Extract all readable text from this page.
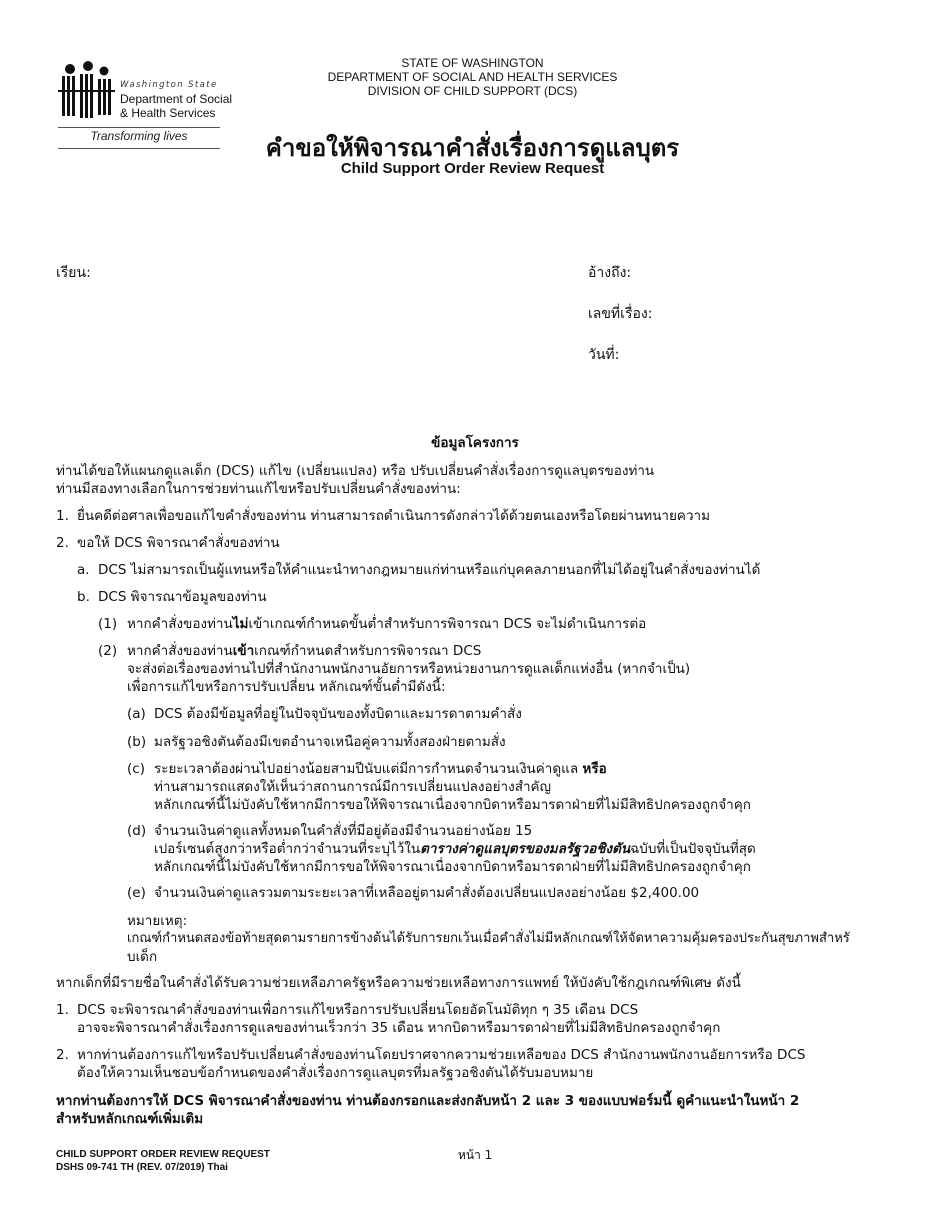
Washington State
Department of Social
& Health Services
Transforming lives
STATE OF WASHINGTON
DEPARTMENT OF SOCIAL AND HEALTH SERVICES
DIVISION OF CHILD SUPPORT (DCS)
คำขอให้พิจารณาคำสั่งเรื่องการดูแลบุตร
Child Support Order Review Request
เรียน:	อ้างถึง:
เลขที่เรื่อง:
วันที่:
ข้อมูลโครงการ
ท่านได้ขอให้แผนกดูแลเด็ก (DCS) แก้ไข (เปลี่ยนแปลง) หรือ ปรับเปลี่ยนคำสั่งเรื่องการดูแลบุตรของท่าน
ท่านมีสองทางเลือกในการช่วยท่านแก้ไขหรือปรับเปลี่ยนคำสั่งของท่าน:
1. ยื่นคดีต่อศาลเพื่อขอแก้ไขคำสั่งของท่าน ท่านสามารถดำเนินการดังกล่าวได้ด้วยตนเองหรือโดยผ่านทนายความ
2. ขอให้ DCS พิจารณาคำสั่งของท่าน
a. DCS ไม่สามารถเป็นผู้แทนหรือให้คำแนะนำทางกฎหมายแก่ท่านหรือแก่บุคคลภายนอกที่ไม่ได้อยู่ในคำสั่งของท่านได้
b. DCS พิจารณาข้อมูลของท่าน
(1) หากคำสั่งของท่านไม่เข้าเกณฑ์กำหนดขั้นต่ำสำหรับการพิจารณา DCS จะไม่ดำเนินการต่อ
(2) หากคำสั่งของท่านเข้าเกณฑ์กำหนดสำหรับการพิจารณา DCS
จะส่งต่อเรื่องของท่านไปที่สำนักงานพนักงานอัยการหรือหน่วยงานการดูแลเด็กแห่งอื่น (หากจำเป็น)
เพื่อการแก้ไขหรือการปรับเปลี่ยน หลักเณฑ์ขั้นต่ำมีดังนี้:
(a) DCS ต้องมีข้อมูลที่อยู่ในปัจจุบันของทั้งบิดาและมารดาตามคำสั่ง
(b) มลรัฐวอชิงตันต้องมีเขตอำนาจเหนือคู่ความทั้งสองฝ่ายตามสั่ง
(c) ระยะเวลาต้องผ่านไปอย่างน้อยสามปีนับแต่มีการกำหนดจำนวนเงินค่าดูแล หรือ
ท่านสามารถแสดงให้เห็นว่าสถานการณ์มีการเปลี่ยนแปลงอย่างสำคัญ
หลักเกณฑ์นี้ไม่บังคับใช้หากมีการขอให้พิจารณาเนื่องจากบิดาหรือมารดาฝ่ายที่ไม่มีสิทธิปกครองถูกจำคุก
(d) จำนวนเงินค่าดูแลทั้งหมดในคำสั่งที่มีอยู่ต้องมีจำนวนอย่างน้อย 15
เปอร์เซนต์สูงกว่าหรือต่ำกว่าจำนวนที่ระบุไว้ในตารางค่าดูแลบุตรของมลรัฐวอชิงตันฉบับที่เป็นปัจจุบันที่สุด
หลักเกณฑ์นี้ไม่บังคับใช้หากมีการขอให้พิจารณาเนื่องจากบิดาหรือมารดาฝ่ายที่ไม่มีสิทธิปกครองถูกจำคุก
(e) จำนวนเงินค่าดูแลรวมตามระยะเวลาที่เหลืออยู่ตามคำสั่งต้องเปลี่ยนแปลงอย่างน้อย $2,400.00
หมายเหตุ:
เกณฑ์กำหนดสองข้อท้ายสุดตามรายการข้างต้นได้รับการยกเว้นเมื่อคำสั่งไม่มีหลักเกณฑ์ให้จัดหาความคุ้มครองประกันสุขภาพสำหรั
บเด็ก
หากเด็กที่มีรายชื่อในคำสั่งได้รับความช่วยเหลือภาครัฐหรือความช่วยเหลือทางการแพทย์ ให้บังคับใช้กฎเกณฑ์พิเศษ ดังนี้
1. DCS จะพิจารณาคำสั่งของท่านเพื่อการแก้ไขหรือการปรับเปลี่ยนโดยอัตโนมัติทุก ๆ 35 เดือน DCS
อาจจะพิจารณาคำสั่งเรื่องการดูแลของท่านเร็วกว่า 35 เดือน หากบิดาหรือมารดาฝ่ายที่ไม่มีสิทธิปกครองถูกจำคุก
2. หากท่านต้องการแก้ไขหรือปรับเปลี่ยนคำสั่งของท่านโดยปราศจากความช่วยเหลือของ DCS สำนักงานพนักงานอัยการหรือ DCS
ต้องให้ความเห็นชอบข้อกำหนดของคำสั่งเรื่องการดูแลบุตรที่มลรัฐวอชิงตันได้รับมอบหมาย
หากท่านต้องการให้ DCS พิจารณาคำสั่งของท่าน ท่านต้องกรอกและส่งกลับหน้า 2 และ 3 ของแบบฟอร์มนี้ ดูคำแนะนำในหน้า 2
สำหรับหลักเกณฑ์เพิ่มเติม
CHILD SUPPORT ORDER REVIEW REQUEST
DSHS 09-741 TH (REV. 07/2019) Thai
หน้า 1
